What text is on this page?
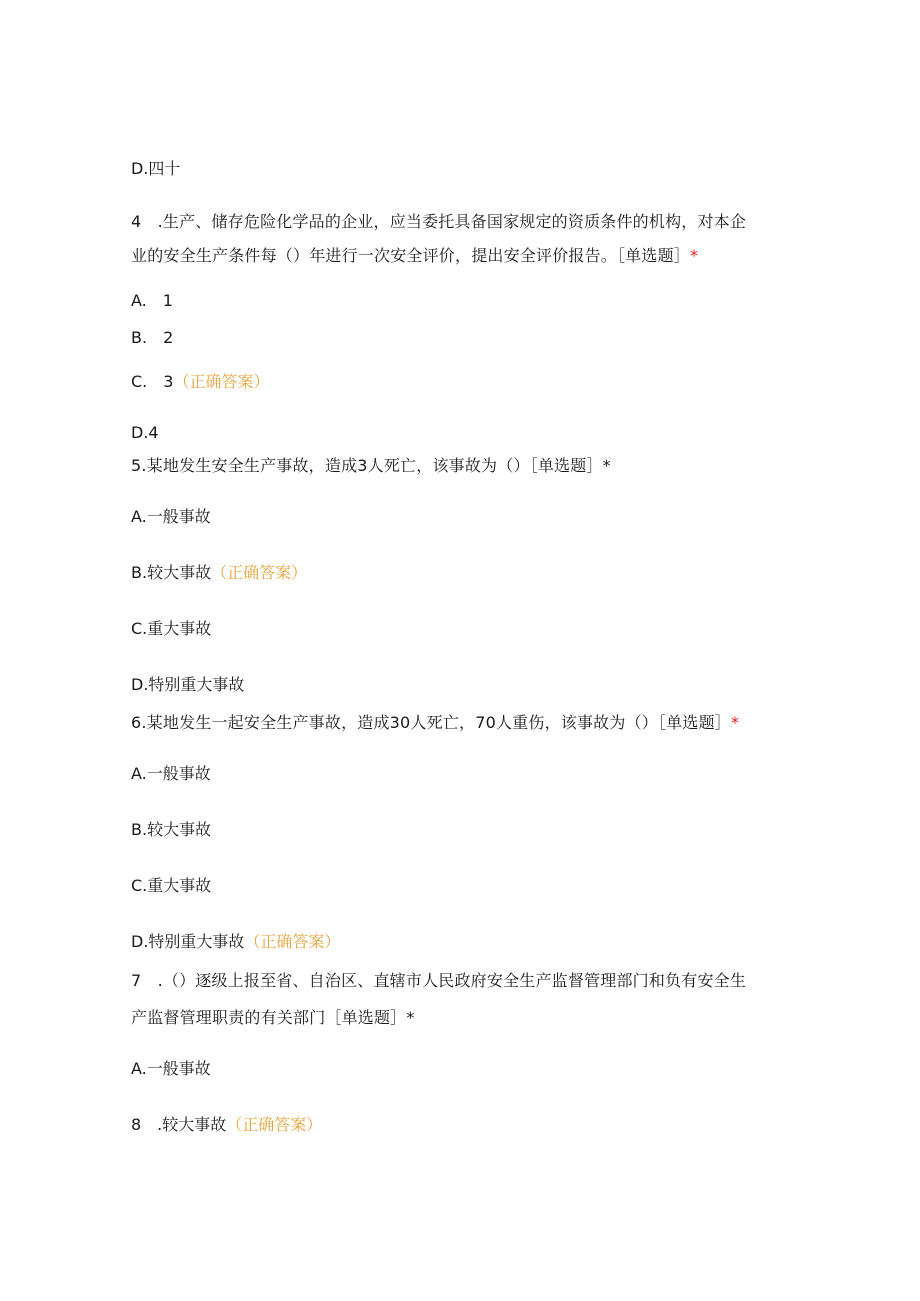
D.四十
4　.生产、储存危险化学品的企业，应当委托具备国家规定的资质条件的机构，对本企
业的安全生产条件每（）年进行一次安全评价，提出安全评价报告。［单选题］*
A.　1
B.　2
C.　3（正确答案）
D.4
5.某地发生安全生产事故，造成3人死亡，该事故为（）［单选题］*
A.一般事故
B.较大事故（正确答案）
C.重大事故
D.特别重大事故
6.某地发生一起安全生产事故，造成30人死亡，70人重伤，该事故为（）［单选题］*
A.一般事故
B.较大事故
C.重大事故
D.特别重大事故（正确答案）
7　.（）逐级上报至省、自治区、直辖市人民政府安全生产监督管理部门和负有安全生
产监督管理职责的有关部门［单选题］*
A.一般事故
8　.较大事故（正确答案）
